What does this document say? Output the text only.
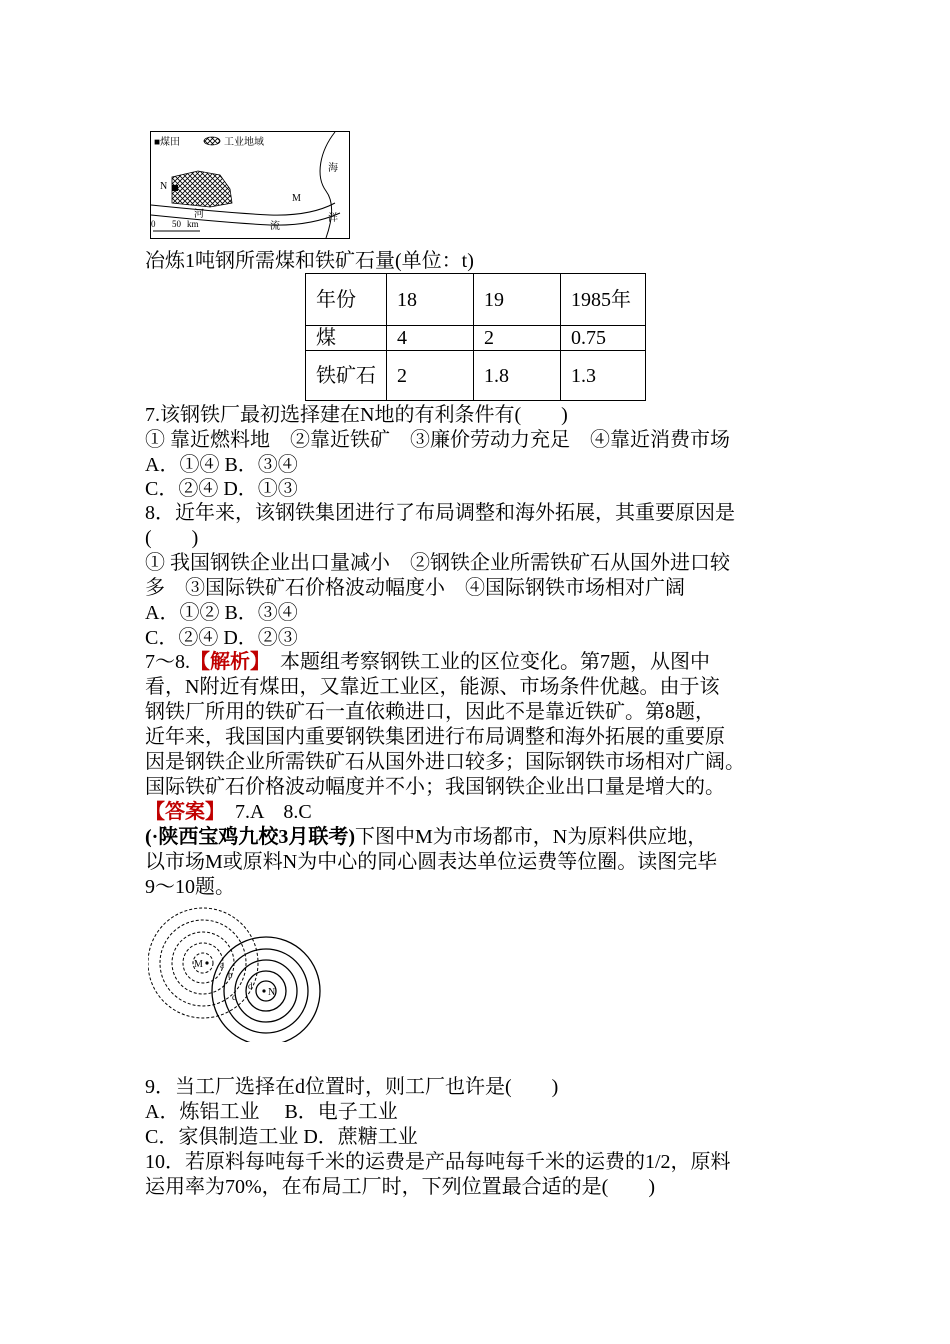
■煤田	工业地域
N
M
海
洋
河
流
0 50 km
冶炼1吨钢所需煤和铁矿石量(单位：t)
年份	18	19	1985年
煤	4	2	0.75
铁矿石	2	1.8	1.3
7.该钢铁厂最初选择建在N地的有利条件有(　　)
① 靠近燃料地　②靠近铁矿　③廉价劳动力充足　④靠近消费市场
A．①④ B．③④
C．②④ D．①③
8．近年来，该钢铁集团进行了布局调整和海外拓展，其重要原因是
(　　)
① 我国钢铁企业出口量减小　②钢铁企业所需铁矿石从国外进口较
多　③国际铁矿石价格波动幅度小　④国际钢铁市场相对广阔
A．①② B．③④
C．②④ D．②③
7～8.【解析】　本题组考察钢铁工业的区位变化。第7题，从图中
看，N附近有煤田，又靠近工业区，能源、市场条件优越。由于该
钢铁厂所用的铁矿石一直依赖进口，因此不是靠近铁矿。第8题，
近年来，我国国内重要钢铁集团进行布局调整和海外拓展的重要原
因是钢铁企业所需铁矿石从国外进口较多；国际钢铁市场相对广阔。
国际铁矿石价格波动幅度并不小；我国钢铁企业出口量是增大的。
【答案】　7.A　8.C
(·陕西宝鸡九校3月联考)下图中M为市场都市，N为原料供应地，
以市场M或原料N为中心的同心圆表达单位运费等位圈。读图完毕
9～10题。
M
N
a
b
c
d
9．当工厂选择在d位置时，则工厂也许是(　　)
A．炼铝工业　 B．电子工业
C．家俱制造工业 D．蔗糖工业
10．若原料每吨每千米的运费是产品每吨每千米的运费的1/2，原料
运用率为70%，在布局工厂时，下列位置最合适的是(　　)
